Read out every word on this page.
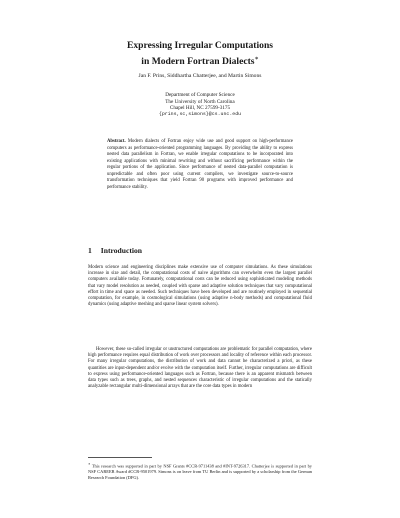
Expressing Irregular Computations
in Modern Fortran Dialects∗
Jan F. Prins, Siddhartha Chatterjee, and Martin Simons
Department of Computer Science
The University of North Carolina
Chapel Hill, NC 27599-3175
{prins,sc,simons}@cs.unc.edu
Abstract. Modern dialects of Fortran enjoy wide use and good support on high-performance computers as performance-oriented programming languages. By providing the ability to express nested data parallelism in Fortran, we enable irregular computations to be incorporated into existing applications with minimal rewriting and without sacrificing performance within the regular portions of the application. Since performance of nested data-parallel computation is unpredictable and often poor using current compilers, we investigate source-to-source transformation techniques that yield Fortran 90 programs with improved performance and performance stability.
1 Introduction
Modern science and engineering disciplines make extensive use of computer simulations. As these simulations increase in size and detail, the computational costs of naive algorithms can overwhelm even the largest parallel computers available today. Fortunately, computational costs can be reduced using sophisticated modeling methods that vary model resolution as needed, coupled with sparse and adaptive solution techniques that vary computational effort in time and space as needed. Such techniques have been developed and are routinely employed in sequential computation, for example, in cosmological simulations (using adaptive n-body methods) and computational fluid dynamics (using adaptive meshing and sparse linear system solvers).
However, these so-called irregular or unstructured computations are problematic for parallel computation, where high performance requires equal distribution of work over processors and locality of reference within each processor. For many irregular computations, the distribution of work and data cannot be characterized a priori, as these quantities are input-dependent and/or evolve with the computation itself. Further, irregular computations are difficult to express using performance-oriented languages such as Fortran, because there is an apparent mismatch between data types such as trees, graphs, and nested sequences characteristic of irregular computations and the statically analyzable rectangular multi-dimensional arrays that are the core data types in modern
∗ This research was supported in part by NSF Grants #CCR-9711438 and #INT-9726317. Chatterjee is supported in part by NSF CAREER Award #CCR-9501979. Simons is on leave from TU Berlin and is supported by a scholarship from the German Research Foundation (DFG).
